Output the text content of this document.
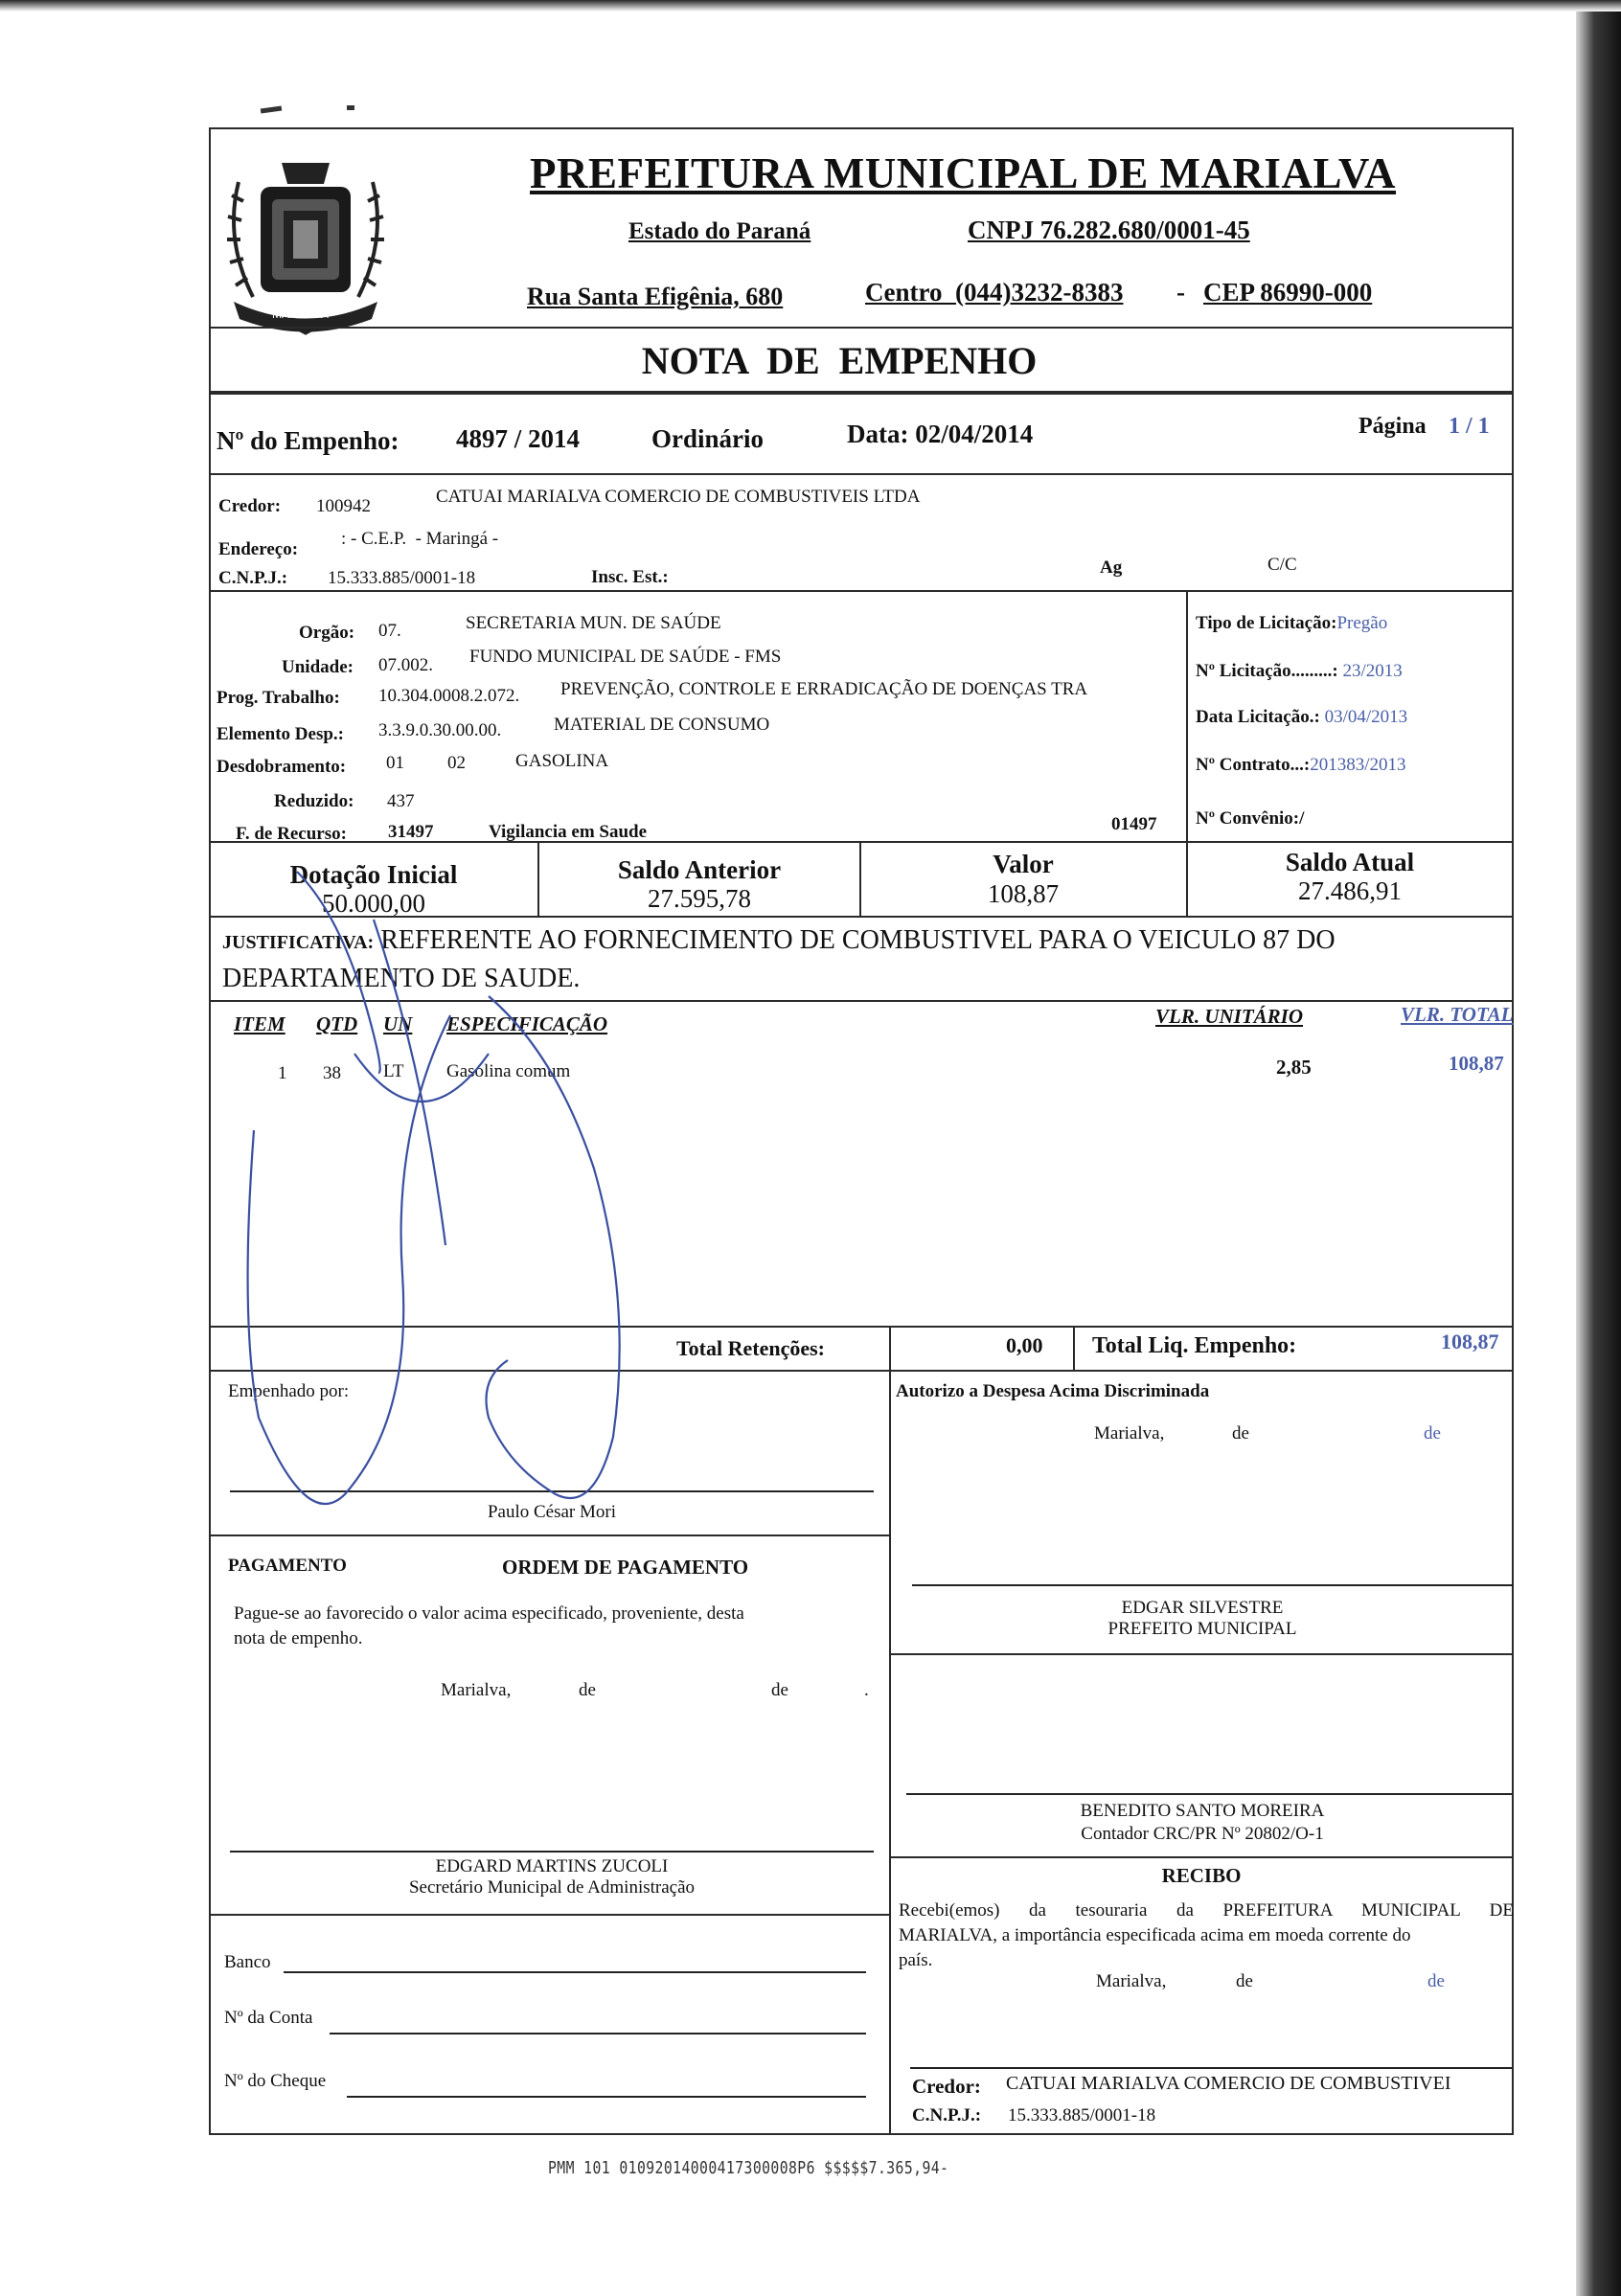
MARIALVA
PREFEITURA MUNICIPAL DE MARIALVA
Estado do Paraná	CNPJ 76.282.680/0001-45
Rua Santa Efigênia, 680	Centro  (044)3232-8383 - CEP 86990-000
NOTA  DE  EMPENHO
Nº do Empenho: 4897 / 2014	Ordinário	Data: 02/04/2014	Página 1 / 1
Credor: 100942	CATUAI MARIALVA COMERCIO DE COMBUSTIVEIS LTDA
Endereço:
: - C.E.P.  - Maringá -
C.N.P.J.: 15.333.885/0001-18	Insc. Est.:	Ag	C/C
Orgão: 07.	SECRETARIA MUN. DE SAÚDE
Unidade: 07.002. FUNDO MUNICIPAL DE SAÚDE - FMS
Prog. Trabalho: 10.304.0008.2.072. PREVENÇÃO, CONTROLE E ERRADICAÇÃO DE DOENÇAS TRA
Elemento Desp.: 3.3.9.0.30.00.00.	MATERIAL DE CONSUMO
Desdobramento: 01 02	GASOLINA
Reduzido: 437
F. de Recurso: 31497	Vigilancia em Saude	01497
Tipo de Licitação:Pregão
Nº Licitação.........: 23/2013
Data Licitação.: 03/04/2013
Nº Contrato...:201383/2013
Nº Convênio:/
Dotação Inicial
50.000,00
Saldo Anterior
27.595,78
Valor
108,87
Saldo Atual
27.486,91
JUSTIFICATIVA: REFERENTE AO FORNECIMENTO DE COMBUSTIVEL PARA O VEICULO 87 DO
DEPARTAMENTO DE SAUDE.
ITEM QTD UN ESPECIFICAÇÃO	VLR. UNITÁRIO	VLR. TOTAL
1 38 LT Gasolina comum	2,85	108,87
Total Retenções:	0,00 Total Liq. Empenho:	108,87
Empenhado por:
Paulo César Mori
Autorizo a Despesa Acima Discriminada
Marialva,	de	de
EDGAR SILVESTRE
PREFEITO MUNICIPAL
PAGAMENTO	ORDEM DE PAGAMENTO
Pague-se ao favorecido o valor acima especificado, proveniente, desta
nota de empenho.
Marialva,	de	de	.
EDGARD MARTINS ZUCOLI
Secretário Municipal de Administração
Banco
Nº da Conta
Nº do Cheque
BENEDITO SANTO MOREIRA
Contador CRC/PR Nº 20802/O-1
RECIBO
Recebi(emos) da tesouraria da PREFEITURA MUNICIPAL DE
MARIALVA, a importância especificada acima em moeda corrente do
país.
Marialva,	de	de
Credor: CATUAI MARIALVA COMERCIO DE COMBUSTIVEI
C.N.P.J.: 15.333.885/0001-18
PMM 101 01092014000417300008P6 $$$$$7.365,94-
